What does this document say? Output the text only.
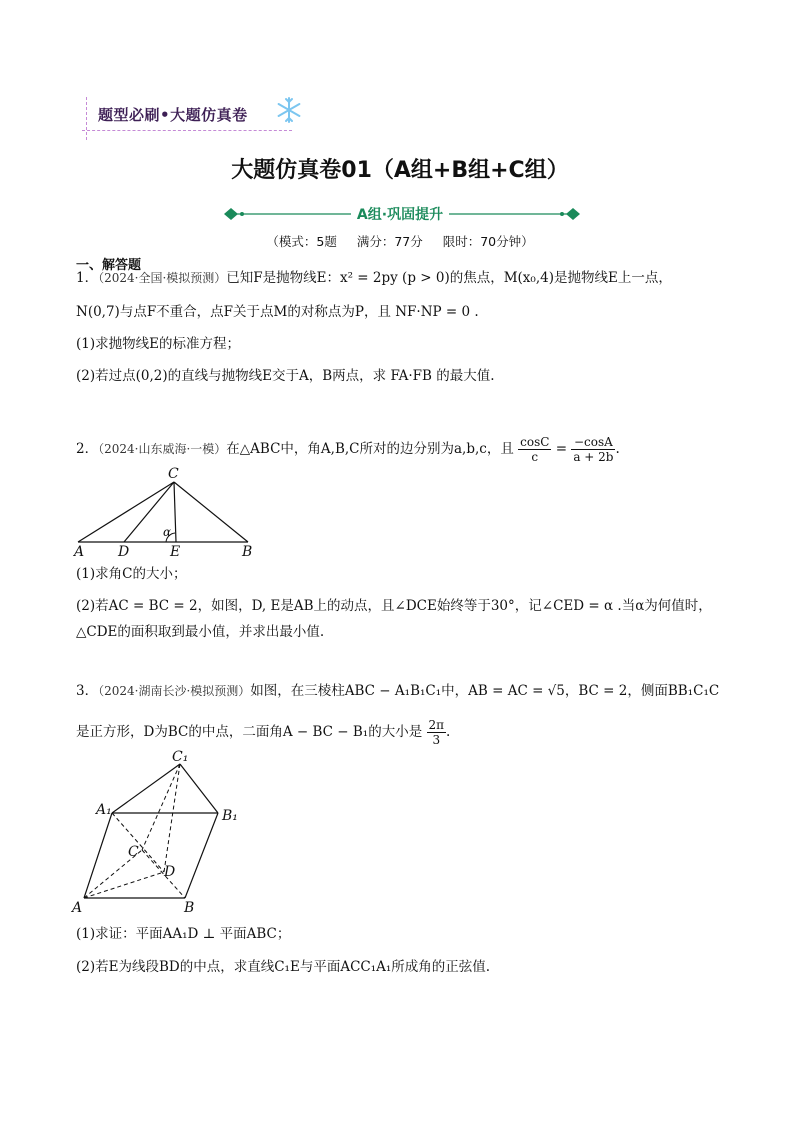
题型必刷•大题仿真卷
大题仿真卷01（A组+B组+C组）
A组·巩固提升
（模式：5题 满分：77分 限时：70分钟）
一、解答题
1．（2024·全国·模拟预测）已知F是抛物线E：x² = 2py (p > 0)的焦点，M(x₀,4)是抛物线E上一点，
N(0,7)与点F不重合，点F关于点M的对称点为P，且 NF·NP = 0 .
(1)求抛物线E的标准方程；
(2)若过点(0,2)的直线与抛物线E交于A，B两点，求 FA·FB 的最大值.
2．（2024·山东威海·一模）在△ABC中，角A,B,C所对的边分别为a,b,c，且 $\frac{\cos C}{c} = \frac{-\cos A}{a + 2b}$ .
C
A D	E	B
α
(1)求角C的大小；
(2)若AC = BC = 2，如图，D, E是AB上的动点，且∠DCE始终等于30°，记∠CED = α .当α为何值时，
△CDE的面积取到最小值，并求出最小值.
3．（2024·湖南长沙·模拟预测）如图，在三棱柱ABC − A₁B₁C₁中，AB = AC = √5，BC = 2，侧面BB₁C₁C
是正方形，D为BC的中点，二面角A − BC − B₁的大小是 $\frac{2\pi}{3}$ .
C₁
A₁	B₁
C
D
A	B
(1)求证：平面AA₁D ⊥ 平面ABC；
(2)若E为线段BD的中点，求直线C₁E与平面ACC₁A₁所成角的正弦值.
